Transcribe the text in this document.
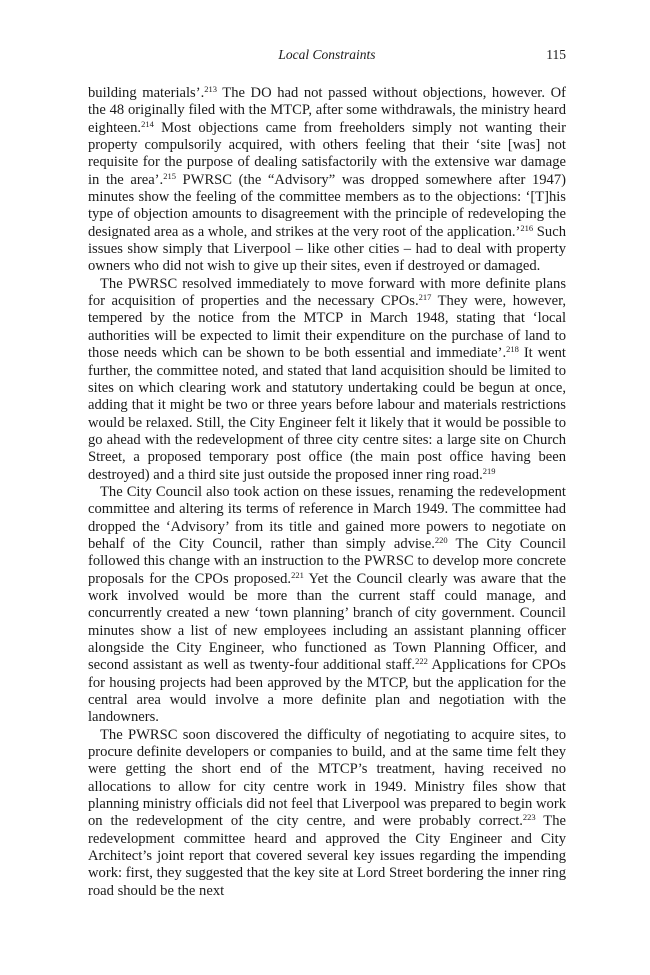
Local Constraints	115

building materials’.$^{213}$ The DO had not passed without objections, however. Of the 48 originally filed with the MTCP, after some withdrawals, the ministry heard eighteen.$^{214}$ Most objections came from freeholders simply not wanting their property compulsorily acquired, with others feeling that their ‘site [was] not requisite for the purpose of dealing satisfactorily with the extensive war damage in the area’.$^{215}$ PWRSC (the “Advisory” was dropped somewhere after 1947) minutes show the feeling of the committee members as to the objections: ‘[T]his type of objection amounts to disagreement with the principle of redeveloping the designated area as a whole, and strikes at the very root of the application.’$^{216}$ Such issues show simply that Liverpool – like other cities – had to deal with property owners who did not wish to give up their sites, even if destroyed or damaged.

The PWRSC resolved immediately to move forward with more definite plans for acquisition of properties and the necessary CPOs.$^{217}$ They were, however, tempered by the notice from the MTCP in March 1948, stating that ‘local authorities will be expected to limit their expenditure on the purchase of land to those needs which can be shown to be both essential and immediate’.$^{218}$ It went further, the committee noted, and stated that land acquisition should be limited to sites on which clearing work and statutory undertaking could be begun at once, adding that it might be two or three years before labour and materials restrictions would be relaxed. Still, the City Engineer felt it likely that it would be possible to go ahead with the redevelopment of three city centre sites: a large site on Church Street, a proposed temporary post office (the main post office having been destroyed) and a third site just outside the proposed inner ring road.$^{219}$

The City Council also took action on these issues, renaming the redevelopment committee and altering its terms of reference in March 1949. The committee had dropped the ‘Advisory’ from its title and gained more powers to negotiate on behalf of the City Council, rather than simply advise.$^{220}$ The City Council followed this change with an instruction to the PWRSC to develop more concrete proposals for the CPOs proposed.$^{221}$ Yet the Council clearly was aware that the work involved would be more than the current staff could manage, and concurrently created a new ‘town planning’ branch of city government. Council minutes show a list of new employees including an assistant planning officer alongside the City Engineer, who functioned as Town Planning Officer, and second assistant as well as twenty-four additional staff.$^{222}$ Applications for CPOs for housing projects had been approved by the MTCP, but the application for the central area would involve a more definite plan and negotiation with the landowners.

The PWRSC soon discovered the difficulty of negotiating to acquire sites, to procure definite developers or companies to build, and at the same time felt they were getting the short end of the MTCP’s treatment, having received no allocations to allow for city centre work in 1949. Ministry files show that planning ministry officials did not feel that Liverpool was prepared to begin work on the redevelopment of the city centre, and were probably correct.$^{223}$ The redevelopment committee heard and approved the City Engineer and City Architect’s joint report that covered several key issues regarding the impending work: first, they suggested that the key site at Lord Street bordering the inner ring road should be the next
